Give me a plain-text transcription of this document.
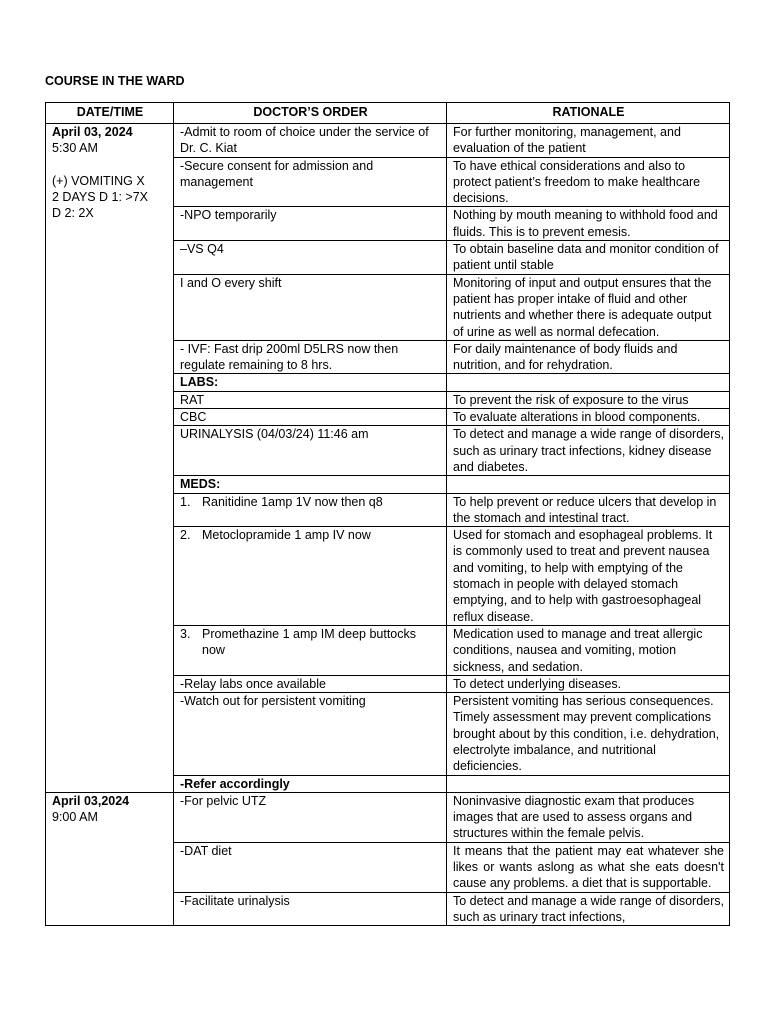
COURSE IN THE WARD
DATE/TIME	DOCTOR’S ORDER	RATIONALE

April 03, 2024
5:30 AM
(+) VOMITING X
2 DAYS D 1: >7X
D 2: 2X	-Admit to room of choice under the service of Dr. C. Kiat	For further monitoring, management, and evaluation of the patient
	-Secure consent for admission and management	To have ethical considerations and also to protect patient’s freedom to make healthcare decisions.
	-NPO temporarily	Nothing by mouth meaning to withhold food and fluids. This is to prevent emesis.
	–VS Q4	To obtain baseline data and monitor condition of patient until stable
	I and O every shift	Monitoring of input and output ensures that the patient has proper intake of fluid and other nutrients and whether there is adequate output of urine as well as normal defecation.
	- IVF: Fast drip 200ml D5LRS now then regulate remaining to 8 hrs.	For daily maintenance of body fluids and nutrition, and for rehydration.
	LABS:	
	RAT	To prevent the risk of exposure to the virus
	CBC	To evaluate alterations in blood components.
	URINALYSIS (04/03/24) 11:46 am	To detect and manage a wide range of disorders, such as urinary tract infections, kidney disease and diabetes.
	MEDS:	

	1. Ranitidine 1amp 1V now then q8	To help prevent or reduce ulcers that develop in the stomach and intestinal tract.

	2. Metoclopramide 1 amp IV now	Used for stomach and esophageal problems. It is commonly used to treat and prevent nausea and vomiting, to help with emptying of the stomach in people with delayed stomach emptying, and to help with gastroesophageal reflux disease.

	3. Promethazine 1 amp IM deep buttocks now	Medication used to manage and treat allergic conditions, nausea and vomiting, motion sickness, and sedation.
	-Relay labs once available	To detect underlying diseases.
	-Watch out for persistent vomiting	Persistent vomiting has serious consequences. Timely assessment may prevent complications brought about by this condition, i.e. dehydration, electrolyte imbalance, and nutritional deficiencies.
	-Refer accordingly	

April 03,2024
9:00 AM	-For pelvic UTZ	Noninvasive diagnostic exam that produces images that are used to assess organs and structures within the female pelvis.
	-DAT diet	It means that the patient may eat whatever she likes or wants aslong as what she eats doesn't cause any problems. a diet that is supportable.
	-Facilitate urinalysis	To detect and manage a wide range of disorders, such as urinary tract infections,
